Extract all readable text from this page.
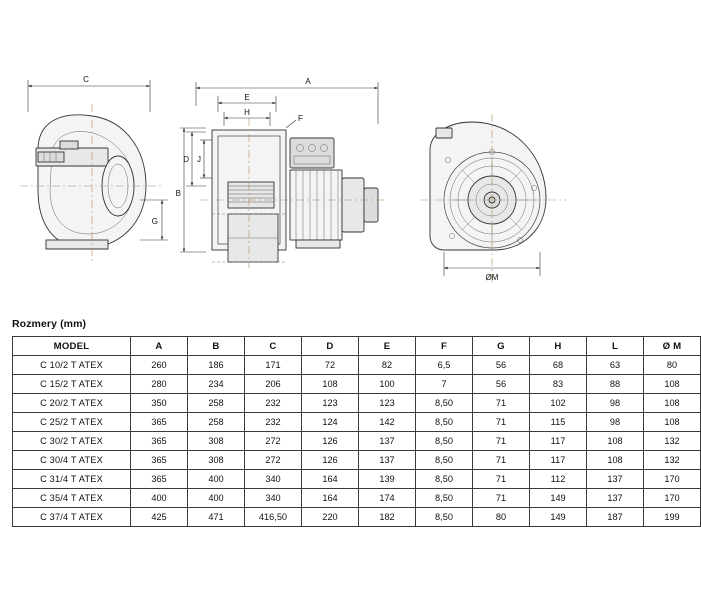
C
G
A
E
H
F
D J
B
ØM
Rozmery (mm)
MODEL	A	B	C	D	E	F	G	H	L	Ø M
C 10/2 T ATEX	260	186	171	72	82	6,5	56	68	63	80
C 15/2 T ATEX	280	234	206	108	100	7	56	83	88	108
C 20/2 T ATEX	350	258	232	123	123	8,50	71	102	98	108
C 25/2 T ATEX	365	258	232	124	142	8,50	71	115	98	108
C 30/2 T ATEX	365	308	272	126	137	8,50	71	117	108	132
C 30/4 T ATEX	365	308	272	126	137	8,50	71	117	108	132
C 31/4 T ATEX	365	400	340	164	139	8,50	71	112	137	170
C 35/4 T ATEX	400	400	340	164	174	8,50	71	149	137	170
C 37/4 T ATEX	425	471	416,50	220	182	8,50	80	149	187	199
